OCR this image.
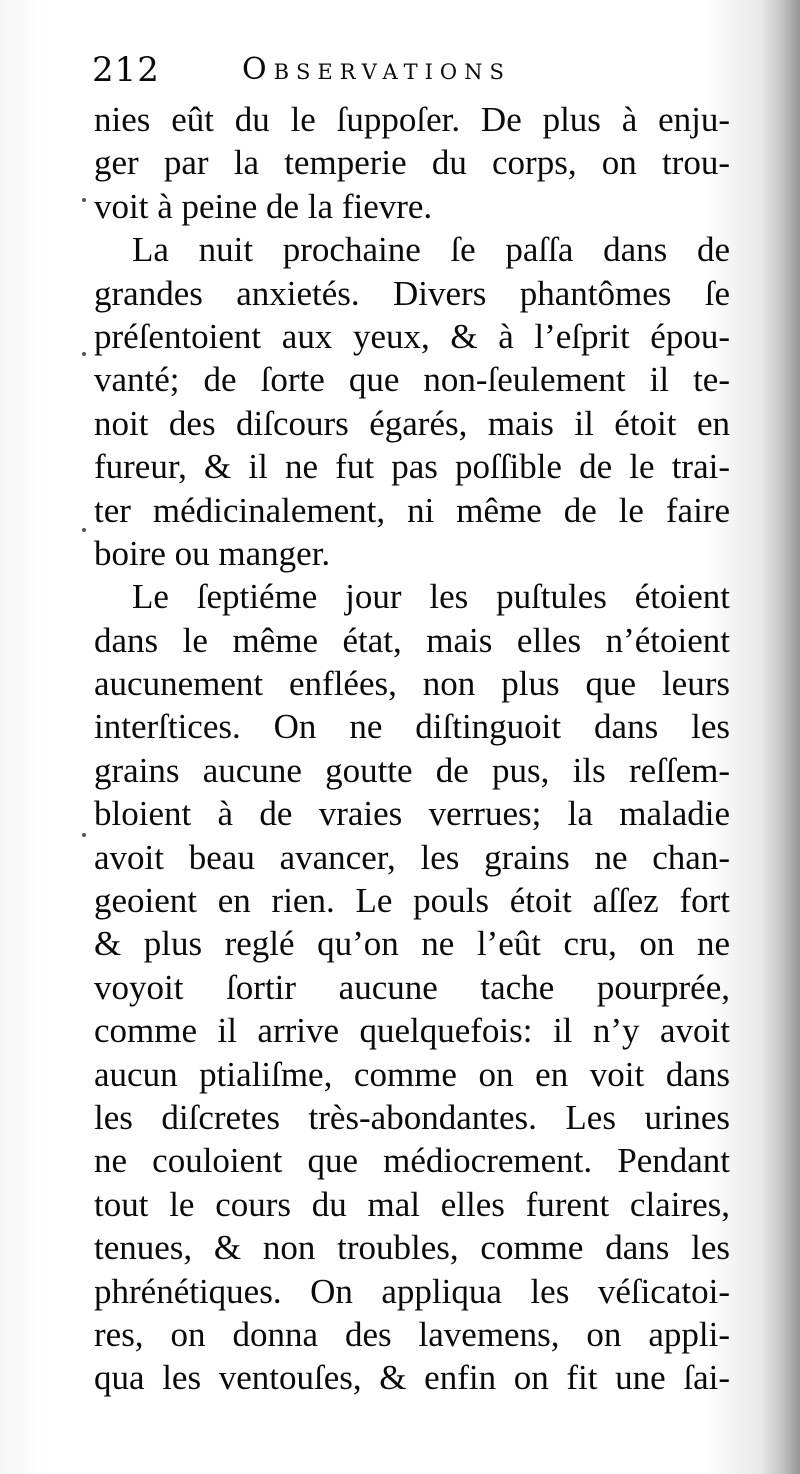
212	Observations
nies eût du le ſuppoſer. De plus à enju-
ger par la temperie du corps, on trou-
voit à peine de la fievre.
La nuit prochaine ſe paſſa dans de
grandes anxietés. Divers phantômes ſe
préſentoient aux yeux, & à l’eſprit épou-
vanté; de ſorte que non-ſeulement il te-
noit des diſcours égarés, mais il étoit en
fureur, & il ne fut pas poſſible de le trai-
ter médicinalement, ni même de le faire
boire ou manger.
Le ſeptiéme jour les puſtules étoient
dans le même état, mais elles n’étoient
aucunement enflées, non plus que leurs
interſtices. On ne diſtinguoit dans les
grains aucune goutte de pus, ils reſſem-
bloient à de vraies verrues; la maladie
avoit beau avancer, les grains ne chan-
geoient en rien. Le pouls étoit aſſez fort
& plus reglé qu’on ne l’eût cru, on ne
voyoit ſortir aucune tache pourprée,
comme il arrive quelquefois: il n’y avoit
aucun ptialiſme, comme on en voit dans
les diſcretes très-abondantes. Les urines
ne couloient que médiocrement. Pendant
tout le cours du mal elles furent claires,
tenues, & non troubles, comme dans les
phrénétiques. On appliqua les véſicatoi-
res, on donna des lavemens, on appli-
qua les ventouſes, & enfin on fit une ſai-
